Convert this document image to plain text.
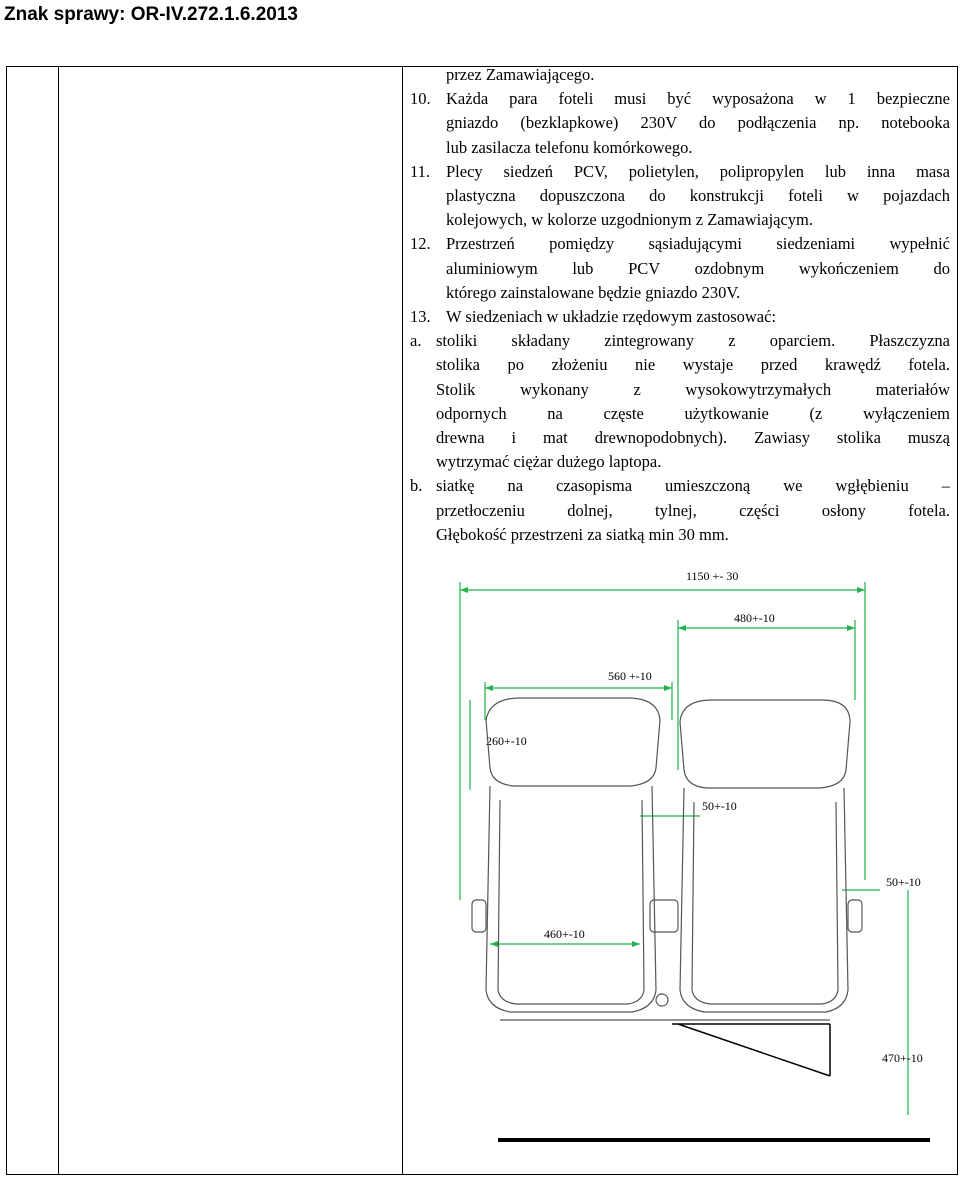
Znak sprawy: OR-IV.272.1.6.2013

przez Zamawiającego.

10. Każda para foteli musi być wyposażona w 1 bezpieczne
gniazdo (bezklapkowe) 230V do podłączenia np. notebooka
lub zasilacza telefonu komórkowego.
11. Plecy siedzeń PCV, polietylen, polipropylen lub inna masa
plastyczna dopuszczona do konstrukcji foteli w pojazdach
kolejowych, w kolorze uzgodnionym z Zamawiającym.
12. Przestrzeń pomiędzy sąsiadującymi siedzeniami wypełnić
aluminiowym lub PCV ozdobnym wykończeniem do
którego zainstalowane będzie gniazdo 230V.
13. W siedzeniach w układzie rzędowym zastosować:
a. stoliki składany zintegrowany z oparciem. Płaszczyzna
stolika po złożeniu nie wystaje przed krawędź fotela.
Stolik wykonany z wysokowytrzymałych materiałów
odpornych na częste użytkowanie (z wyłączeniem
drewna i mat drewnopodobnych). Zawiasy stolika muszą
wytrzymać ciężar dużego laptopa.
b. siatkę na czasopisma umieszczoną we wgłębieniu –
przetłoczeniu dolnej, tylnej, części osłony fotela.
Głębokość przestrzeni za siatką min 30 mm.
1150 +- 30
480+-10
560 +-10
260+-10
50+-10
50+-10
460+-10
470+-10
